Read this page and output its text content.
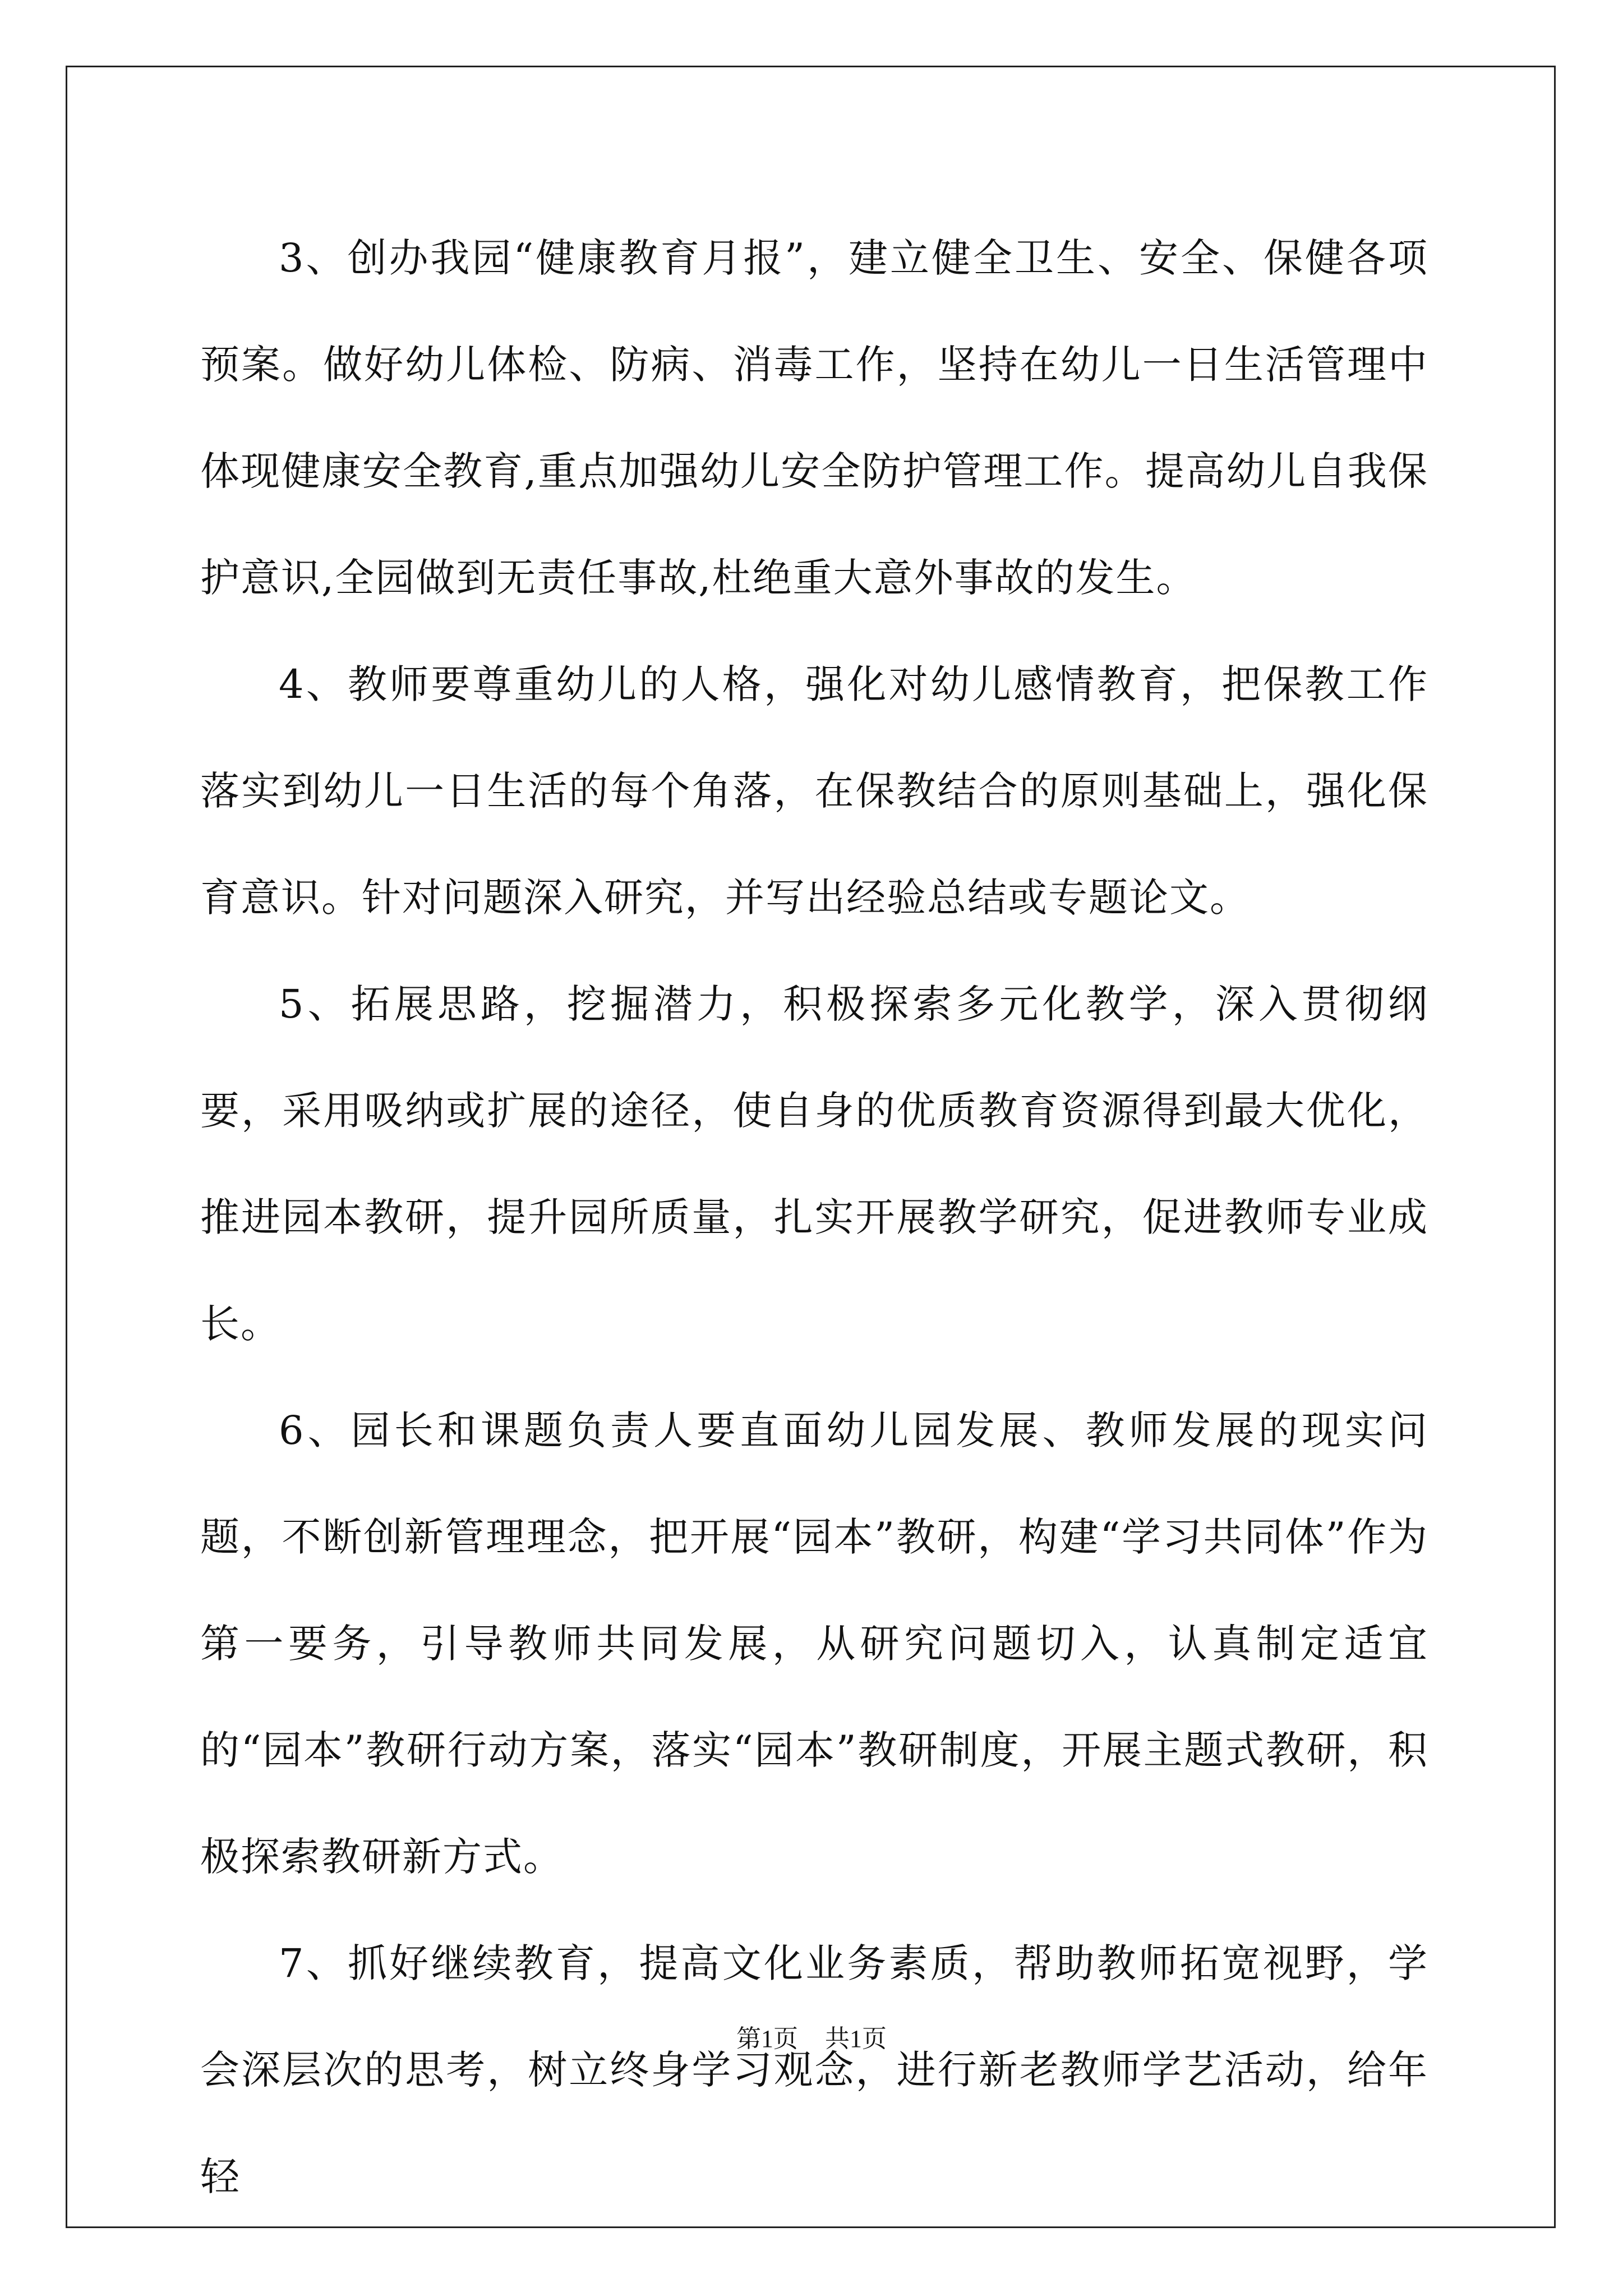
3、创办我园“健康教育月报”，建立健全卫生、安全、保健各项预案。做好幼儿体检、防病、消毒工作，坚持在幼儿一日生活管理中体现健康安全教育,重点加强幼儿安全防护管理工作。提高幼儿自我保护意识,全园做到无责任事故,杜绝重大意外事故的发生。

4、教师要尊重幼儿的人格，强化对幼儿感情教育，把保教工作落实到幼儿一日生活的每个角落，在保教结合的原则基础上，强化保育意识。针对问题深入研究，并写出经验总结或专题论文。

5、拓展思路，挖掘潜力，积极探索多元化教学，深入贯彻纲要，采用吸纳或扩展的途径，使自身的优质教育资源得到最大优化，推进园本教研，提升园所质量，扎实开展教学研究，促进教师专业成长。

6、园长和课题负责人要直面幼儿园发展、教师发展的现实问题，不断创新管理理念，把开展“园本”教研，构建“学习共同体”作为第一要务，引导教师共同发展，从研究问题切入，认真制定适宜的“园本”教研行动方案，落实“园本”教研制度，开展主题式教研，积极探索教研新方式。

7、抓好继续教育，提高文化业务素质，帮助教师拓宽视野，学会深层次的思考，树立终身学习观念，进行新老教师学艺活动，给年轻

第1页 共1页
